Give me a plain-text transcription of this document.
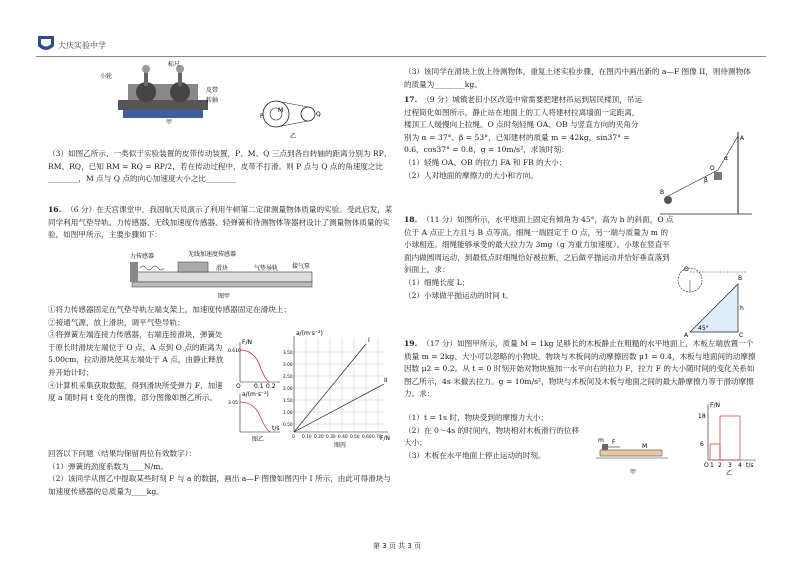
大庆实验中学
小轮
标尺
皮带
转轴
甲
P
M
Q
乙

（3）如图乙所示，一类似于实验装置的皮带传动装置，P、M、Q 三点到各自转轴的距离分别为 RP、RM、RQ，已知 RM = RQ = RP/2，若在传动过程中，皮带不打滑。则 P 点与 Q 点的角速度之比________，M 点与 Q 点的向心加速度大小之比________

16. （6 分）在天宫课堂中，我国航天员演示了利用牛顿第二定律测量物体质量的实验。受此启发，某同学利用气垫导轨、力传感器、无线加速度传感器、轻弹簧和待测物体等器材设计了测量物体质量的实验，如图甲所示，主要步骤如下：

力传感器	无线加速度传感器
滑块	气垫导轨 接气泵
图甲

①将力传感器固定在气垫导轨左端支架上，加速度传感器固定在滑块上；

②接通气源，放上滑块，调平气垫导轨；

③将弹簧左端连接力传感器，右端连接滑块，弹簧处于原长时滑块左端位于 O 点，A 点到 O 点的距离为 5.00cm，拉动滑块使其左端处于 A 点，由静止释放并开始计时；

④计算机采集获取数据，得到滑块所受弹力 F、加速度 a 随时间 t 变化的图像，部分图像如图乙所示。

F/N
0.610
O 0.1 0.2
a/(m·s⁻²)
3.05
t/s
图乙
I
II
a/(m·s⁻²)
F/N
3.50
3.00
2.50
2.00
1.50
1.00
0.50
0 0.10 0.20 0.30 0.40 0.50 0.60 0.70
图丙

回答以下问题（结果均保留两位有效数字）：

（1）弹簧的劲度系数为____N/m。

（2）该同学从图乙中提取某些时刻 F 与 a 的数据，画出 a—F 图像如图丙中 I 所示，由此可得滑块与加速度传感器的总质量为____kg。

（3）该同学在滑块上放上待测物体，重复上述实验步骤，在图丙中画出新的 a—F 图像 II，则待测物体的质量为________kg。

17. （9 分）城镇老旧小区改造中常需要把建材吊运到居民楼顶，吊运过程简化如图所示，静止站在地面上的工人将建材拉离墙面一定距离，楼顶工人缓慢向上拉绳。O 点时刻轻绳 OA、OB 与竖直方向的夹角分别为 α = 37°、β = 53°，已知建材的质量 m = 42kg，sin37° = 0.6，cos37° = 0.8，g = 10m/s²，求该时刻：

（1）轻绳 OA、OB 的拉力 FA 和 FB 的大小；

（2）人对地面的摩擦力的大小和方向。

A
O
B
α
β

18. （11 分）如图所示，水平地面上固定有倾角为 45°，高为 h 的斜面，O 点位于 A 点正上方且与 B 点等高。细绳一端固定于 O 点，另一端与质量为 m 的小球相连。细绳能够承受的最大拉力为 3mg（g 为重力加速度）。小球在竖直平面内做圆周运动，到最低点时细绳恰好被拉断，之后做平抛运动并恰好垂直落到斜面上，求：

（1）细绳长度 L；

（2）小球做平抛运动的时间 t。

O
B
A	C
h
45°

19. （17 分）如图甲所示，质量 M = 1kg 足够长的木板静止在粗糙的水平地面上，木板左端放置一个质量 m = 2kg、大小可以忽略的小物块。物块与木板间的动摩擦因数 μ1 = 0.4，木板与地面间的动摩擦因数 μ2 = 0.2。从 t = 0 时刻开始对物块施加一水平向右的拉力 F，拉力 F 的大小随时间的变化关系如图乙所示，4s 末撤去拉力。g = 10m/s²，物块与木板间及木板与地面之间的最大静摩擦力等于滑动摩擦力。求：

（1）t = 1s 时，物块受到的摩擦力大小；

（2）在 0～4s 的时间内，物块相对木板滑行的位移大小；

（3）木板在水平地面上停止运动的时刻。

m F
M
甲
F/N
18
6
O 1 2 3 4 t/s
乙
第 3 页 共 3 页
